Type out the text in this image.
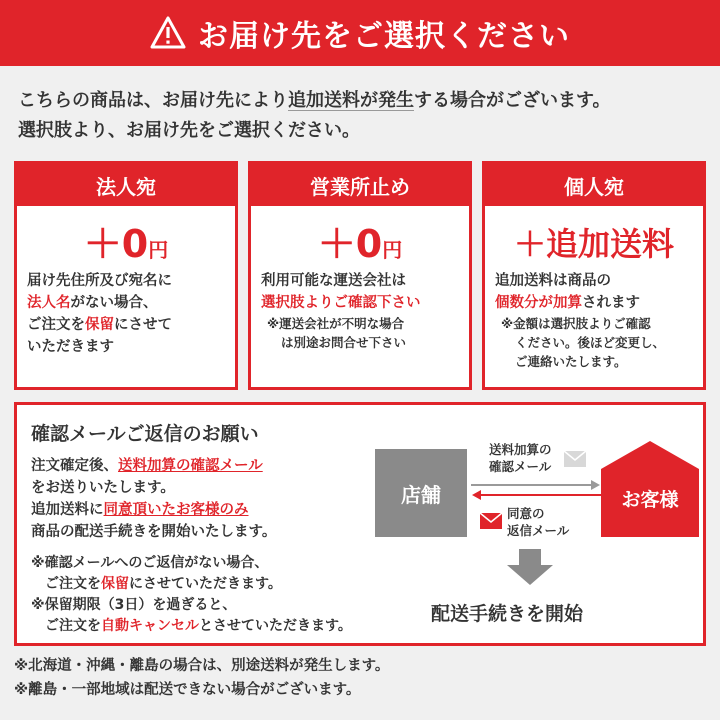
お届け先をご選択ください
こちらの商品は、お届け先により追加送料が発生する場合がございます。
選択肢より、お届け先をご選択ください。
法人宛
＋0円
届け先住所及び宛名に
法人名がない場合、
ご注文を保留にさせて
いただきます
営業所止め
＋0円
利用可能な運送会社は
選択肢よりご確認下さい
※運送会社が不明な場合
は別途お問合せ下さい
個人宛
＋追加送料
追加送料は商品の
個数分が加算されます
※金額は選択肢よりご確認
ください。後ほど変更し、
ご連絡いたします。
確認メールご返信のお願い
注文確定後、送料加算の確認メール
をお送りいたします。
追加送料に同意頂いたお客様のみ
商品の配送手続きを開始いたします。
※確認メールへのご返信がない場合、
ご注文を保留にさせていただきます。
※保留期限（3日）を過ぎると、
ご注文を自動キャンセルとさせていただきます。
店舗	お客様
送料加算の
確認メール
同意の
返信メール
配送手続きを開始
※北海道・沖縄・離島の場合は、別途送料が発生します。
※離島・一部地域は配送できない場合がございます。
